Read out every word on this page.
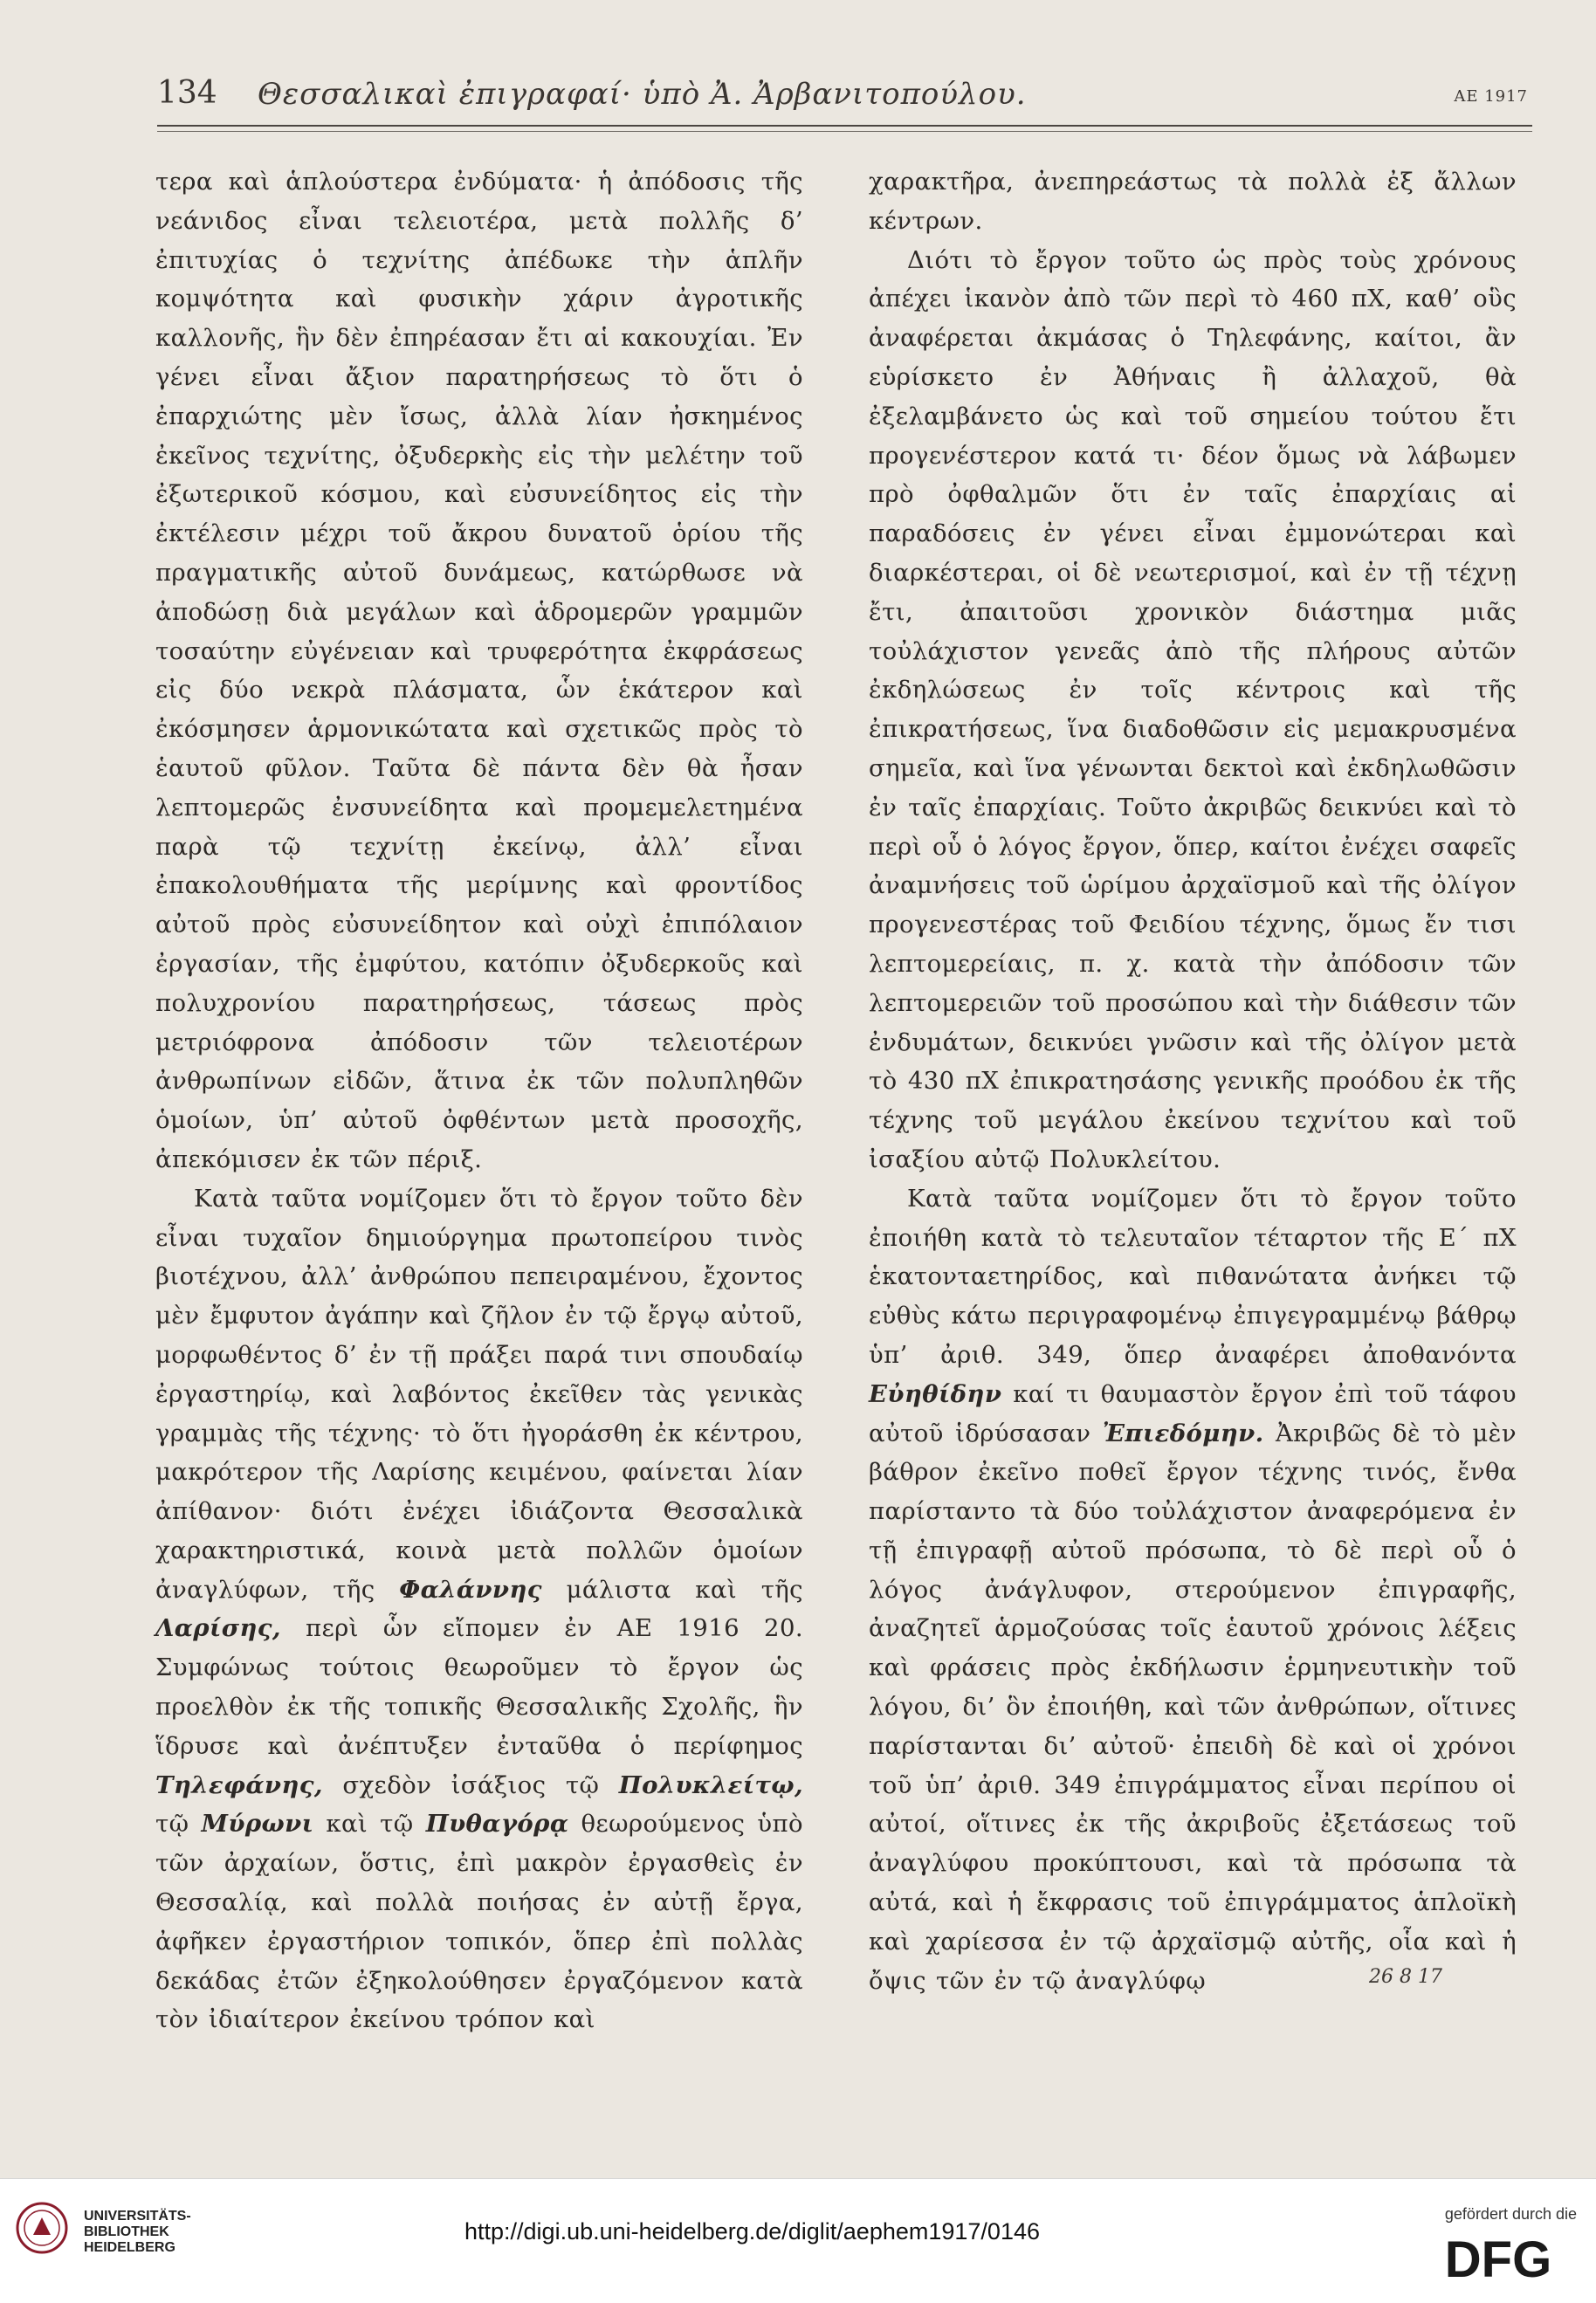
134 Θεσσαλικαὶ ἐπιγραφαί· ὑπὸ Ἀ. Ἀρβανιτοπούλου.	ΑΕ 1917

τερα καὶ ἁπλούστερα ἐνδύματα· ἡ ἀπόδοσις τῆς νεάνιδος εἶναι τελειοτέρα, μετὰ πολλῆς δ’ ἐπιτυχίας ὁ τεχνίτης ἀπέδωκε τὴν ἁπλῆν κομψότητα καὶ φυσικὴν χάριν ἀγροτικῆς καλλονῆς, ἣν δὲν ἐπηρέασαν ἔτι αἱ κακουχίαι. Ἐν γένει εἶναι ἄξιον παρατηρήσεως τὸ ὅτι ὁ ἐπαρχιώτης μὲν ἴσως, ἀλλὰ λίαν ἠσκημένος ἐκεῖνος τεχνίτης, ὀξυδερκὴς εἰς τὴν μελέτην τοῦ ἐξωτερικοῦ κόσμου, καὶ εὐσυνείδητος εἰς τὴν ἐκτέλεσιν μέχρι τοῦ ἄκρου δυνατοῦ ὁρίου τῆς πραγματικῆς αὐτοῦ δυνάμεως, κατώρθωσε νὰ ἀποδώσῃ διὰ μεγάλων καὶ ἁδρομερῶν γραμμῶν τοσαύτην εὐγένειαν καὶ τρυφερότητα ἐκφράσεως εἰς δύο νεκρὰ πλάσματα, ὧν ἑκάτερον καὶ ἐκόσμησεν ἁρμονικώτατα καὶ σχετικῶς πρὸς τὸ ἑαυτοῦ φῦλον. Ταῦτα δὲ πάντα δὲν θὰ ἦσαν λεπτομερῶς ἐνσυνείδητα καὶ προμεμελετημένα παρὰ τῷ τεχνίτῃ ἐκείνῳ, ἀλλ’ εἶναι ἐπακολουθήματα τῆς μερίμνης καὶ φροντίδος αὐτοῦ πρὸς εὐσυνείδητον καὶ οὐχὶ ἐπιπόλαιον ἐργασίαν, τῆς ἐμφύτου, κατόπιν ὀξυδερκοῦς καὶ πολυχρονίου παρατηρήσεως, τάσεως πρὸς μετριόφρονα ἀπόδοσιν τῶν τελειοτέρων ἀνθρωπίνων εἰδῶν, ἅτινα ἐκ τῶν πολυπληθῶν ὁμοίων, ὑπ’ αὐτοῦ ὀφθέντων μετὰ προσοχῆς, ἀπεκόμισεν ἐκ τῶν πέριξ.

Κατὰ ταῦτα νομίζομεν ὅτι τὸ ἔργον τοῦτο δὲν εἶναι τυχαῖον δημιούργημα πρωτοπείρου τινὸς βιοτέχνου, ἀλλ’ ἀνθρώπου πεπειραμένου, ἔχοντος μὲν ἔμφυτον ἀγάπην καὶ ζῆλον ἐν τῷ ἔργῳ αὐτοῦ, μορφωθέντος δ’ ἐν τῇ πράξει παρά τινι σπουδαίῳ ἐργαστηρίῳ, καὶ λαβόντος ἐκεῖθεν τὰς γενικὰς γραμμὰς τῆς τέχνης· τὸ ὅτι ἠγοράσθη ἐκ κέντρου, μακρότερον τῆς Λαρίσης κειμένου, φαίνεται λίαν ἀπίθανον· διότι ἐνέχει ἰδιάζοντα Θεσσαλικὰ χαρακτηριστικά, κοινὰ μετὰ πολλῶν ὁμοίων ἀναγλύφων, τῆς Φαλάννης μάλιστα καὶ τῆς Λαρίσης, περὶ ὧν εἴπομεν ἐν ΑΕ 1916 20. Συμφώνως τούτοις θεωροῦμεν τὸ ἔργον ὡς προελθὸν ἐκ τῆς τοπικῆς Θεσσαλικῆς Σχολῆς, ἣν ἵδρυσε καὶ ἀνέπτυξεν ἐνταῦθα ὁ περίφημος Τηλεφάνης, σχεδὸν ἰσάξιος τῷ Πολυκλείτῳ, τῷ Μύρωνι καὶ τῷ Πυθαγόρᾳ θεωρούμενος ὑπὸ τῶν ἀρχαίων, ὅστις, ἐπὶ μακρὸν ἐργασθεὶς ἐν Θεσσαλίᾳ, καὶ πολλὰ ποιήσας ἐν αὐτῇ ἔργα, ἀφῆκεν ἐργαστήριον τοπικόν, ὅπερ ἐπὶ πολλὰς δεκάδας ἐτῶν ἐξηκολούθησεν ἐργαζόμενον κατὰ τὸν ἰδιαίτερον ἐκείνου τρόπον καὶ

χαρακτῆρα, ἀνεπηρεάστως τὰ πολλὰ ἐξ ἄλλων κέντρων.

Διότι τὸ ἔργον τοῦτο ὡς πρὸς τοὺς χρόνους ἀπέχει ἱκανὸν ἀπὸ τῶν περὶ τὸ 460 πΧ, καθ’ οὓς ἀναφέρεται ἀκμάσας ὁ Τηλεφάνης, καίτοι, ἂν εὑρίσκετο ἐν Ἀθήναις ἢ ἀλλαχοῦ, θὰ ἐξελαμβάνετο ὡς καὶ τοῦ σημείου τούτου ἔτι προγενέστερον κατά τι· δέον ὅμως νὰ λάβωμεν πρὸ ὀφθαλμῶν ὅτι ἐν ταῖς ἐπαρχίαις αἱ παραδόσεις ἐν γένει εἶναι ἐμμονώτεραι καὶ διαρκέστεραι, οἱ δὲ νεωτερισμοί, καὶ ἐν τῇ τέχνῃ ἔτι, ἀπαιτοῦσι χρονικὸν διάστημα μιᾶς τοὐλάχιστον γενεᾶς ἀπὸ τῆς πλήρους αὐτῶν ἐκδηλώσεως ἐν τοῖς κέντροις καὶ τῆς ἐπικρατήσεως, ἵνα διαδοθῶσιν εἰς μεμακρυσμένα σημεῖα, καὶ ἵνα γένωνται δεκτοὶ καὶ ἐκδηλωθῶσιν ἐν ταῖς ἐπαρχίαις. Τοῦτο ἀκριβῶς δεικνύει καὶ τὸ περὶ οὗ ὁ λόγος ἔργον, ὅπερ, καίτοι ἐνέχει σαφεῖς ἀναμνήσεις τοῦ ὡρίμου ἀρχαϊσμοῦ καὶ τῆς ὀλίγον προγενεστέρας τοῦ Φειδίου τέχνης, ὅμως ἔν τισι λεπτομερείαις, π. χ. κατὰ τὴν ἀπόδοσιν τῶν λεπτομερειῶν τοῦ προσώπου καὶ τὴν διάθεσιν τῶν ἐνδυμάτων, δεικνύει γνῶσιν καὶ τῆς ὀλίγον μετὰ τὸ 430 πΧ ἐπικρατησάσης γενικῆς προόδου ἐκ τῆς τέχνης τοῦ μεγάλου ἐκείνου τεχνίτου καὶ τοῦ ἰσαξίου αὐτῷ Πολυκλείτου.

Κατὰ ταῦτα νομίζομεν ὅτι τὸ ἔργον τοῦτο ἐποιήθη κατὰ τὸ τελευταῖον τέταρτον τῆς Ε΄ πΧ ἑκατονταετηρίδος, καὶ πιθανώτατα ἀνήκει τῷ εὐθὺς κάτω περιγραφομένῳ ἐπιγεγραμμένῳ βάθρῳ ὑπ’ ἀριθ. 349, ὅπερ ἀναφέρει ἀποθανόντα Εὐηθίδην καί τι θαυμαστὸν ἔργον ἐπὶ τοῦ τάφου αὐτοῦ ἱδρύσασαν Ἐπιεδόμην. Ἀκριβῶς δὲ τὸ μὲν βάθρον ἐκεῖνο ποθεῖ ἔργον τέχνης τινός, ἔνθα παρίσταντο τὰ δύο τοὐλάχιστον ἀναφερόμενα ἐν τῇ ἐπιγραφῇ αὐτοῦ πρόσωπα, τὸ δὲ περὶ οὗ ὁ λόγος ἀνάγλυφον, στερούμενον ἐπιγραφῆς, ἀναζητεῖ ἁρμοζούσας τοῖς ἑαυτοῦ χρόνοις λέξεις καὶ φράσεις πρὸς ἐκδήλωσιν ἑρμηνευτικὴν τοῦ λόγου, δι’ ὃν ἐποιήθη, καὶ τῶν ἀνθρώπων, οἵτινες παρίστανται δι’ αὐτοῦ· ἐπειδὴ δὲ καὶ οἱ χρόνοι τοῦ ὑπ’ ἀριθ. 349 ἐπιγράμματος εἶναι περίπου οἱ αὐτοί, οἵτινες ἐκ τῆς ἀκριβοῦς ἐξετάσεως τοῦ ἀναγλύφου προκύπτουσι, καὶ τὰ πρόσωπα τὰ αὐτά, καὶ ἡ ἔκφρασις τοῦ ἐπιγράμματος ἁπλοϊκὴ καὶ χαρίεσσα ἐν τῷ ἀρχαϊσμῷ αὐτῆς, οἷα καὶ ἡ ὄψις τῶν ἐν τῷ ἀναγλύφῳ	26 8 17
UNIVERSITÄTS-
BIBLIOTHEK
HEIDELBERG
http://digi.ub.uni-heidelberg.de/diglit/aephem1917/0146
gefördert durch die
DFG
